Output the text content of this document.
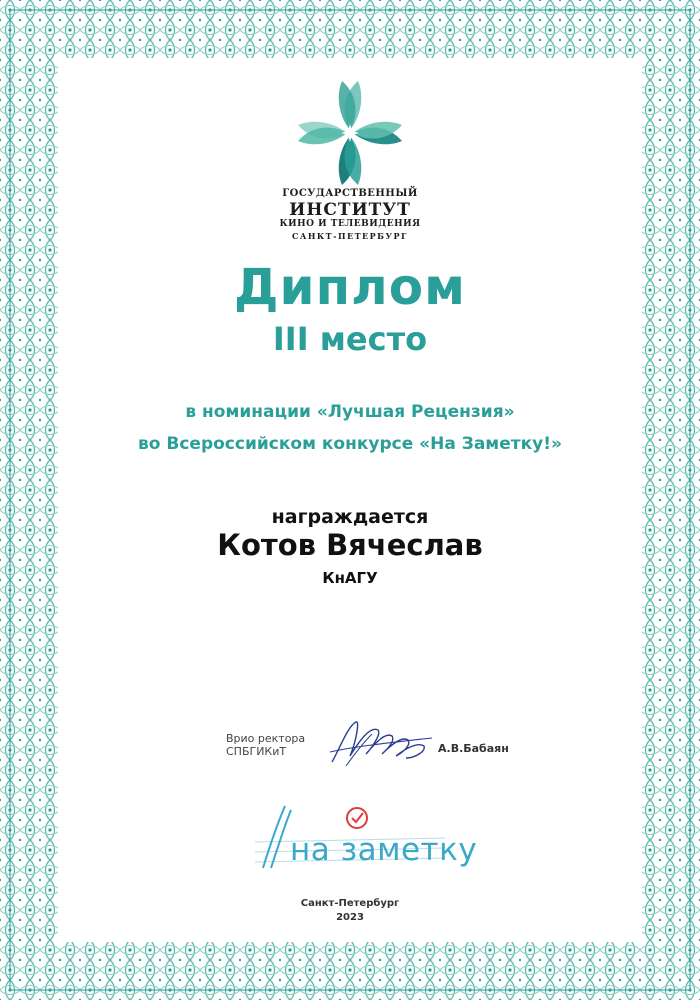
ГОСУДАРСТВЕННЫЙ
ИНСТИТУТ
КИНО И ТЕЛЕВИДЕНИЯ
САНКТ-ПЕТЕРБУРГ
Диплом
III место
в номинации «Лучшая Рецензия»
во Всероссийском конкурсе «На Заметку!»
награждается
Котов Вячеслав
КнАГУ
Врио ректора
СПБГИКиТ	А.В.Бабаян
на заметку
Санкт-Петербург
2023
